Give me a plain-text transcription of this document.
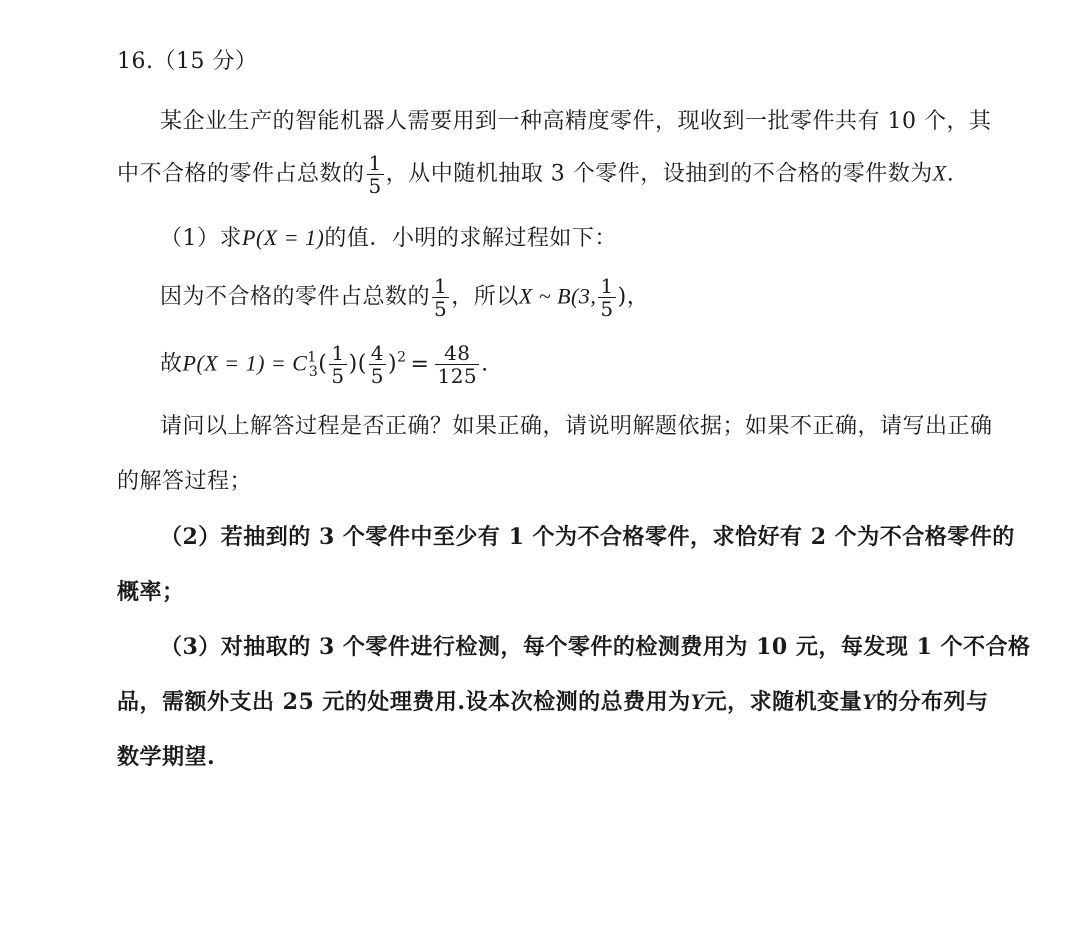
16.（15 分）
某企业生产的智能机器人需要用到一种高精度零件，现收到一批零件共有 10 个，其
中不合格的零件占总数的 $\frac{1}{5}$ ，从中随机抽取 3 个零件，设抽到的不合格的零件数为X.
（1）求P(X = 1)的值．小明的求解过程如下：
因为不合格的零件占总数的 $\frac{1}{5}$ ，所以X ~ B(3, $\frac{1}{5}$ )，
故$P(X = 1) = C^1_3( \frac{1}{5}$ )( $\frac{4}{5} )^2 = \frac{48}{125}$ .
请问以上解答过程是否正确？如果正确，请说明解题依据；如果不正确，请写出正确
的解答过程；
（2）若抽到的 3 个零件中至少有 1 个为不合格零件，求恰好有 2 个为不合格零件的
概率；
（3）对抽取的 3 个零件进行检测，每个零件的检测费用为 10 元，每发现 1 个不合格
品，需额外支出 25 元的处理费用.设本次检测的总费用为Y元，求随机变量Y的分布列与
数学期望.
